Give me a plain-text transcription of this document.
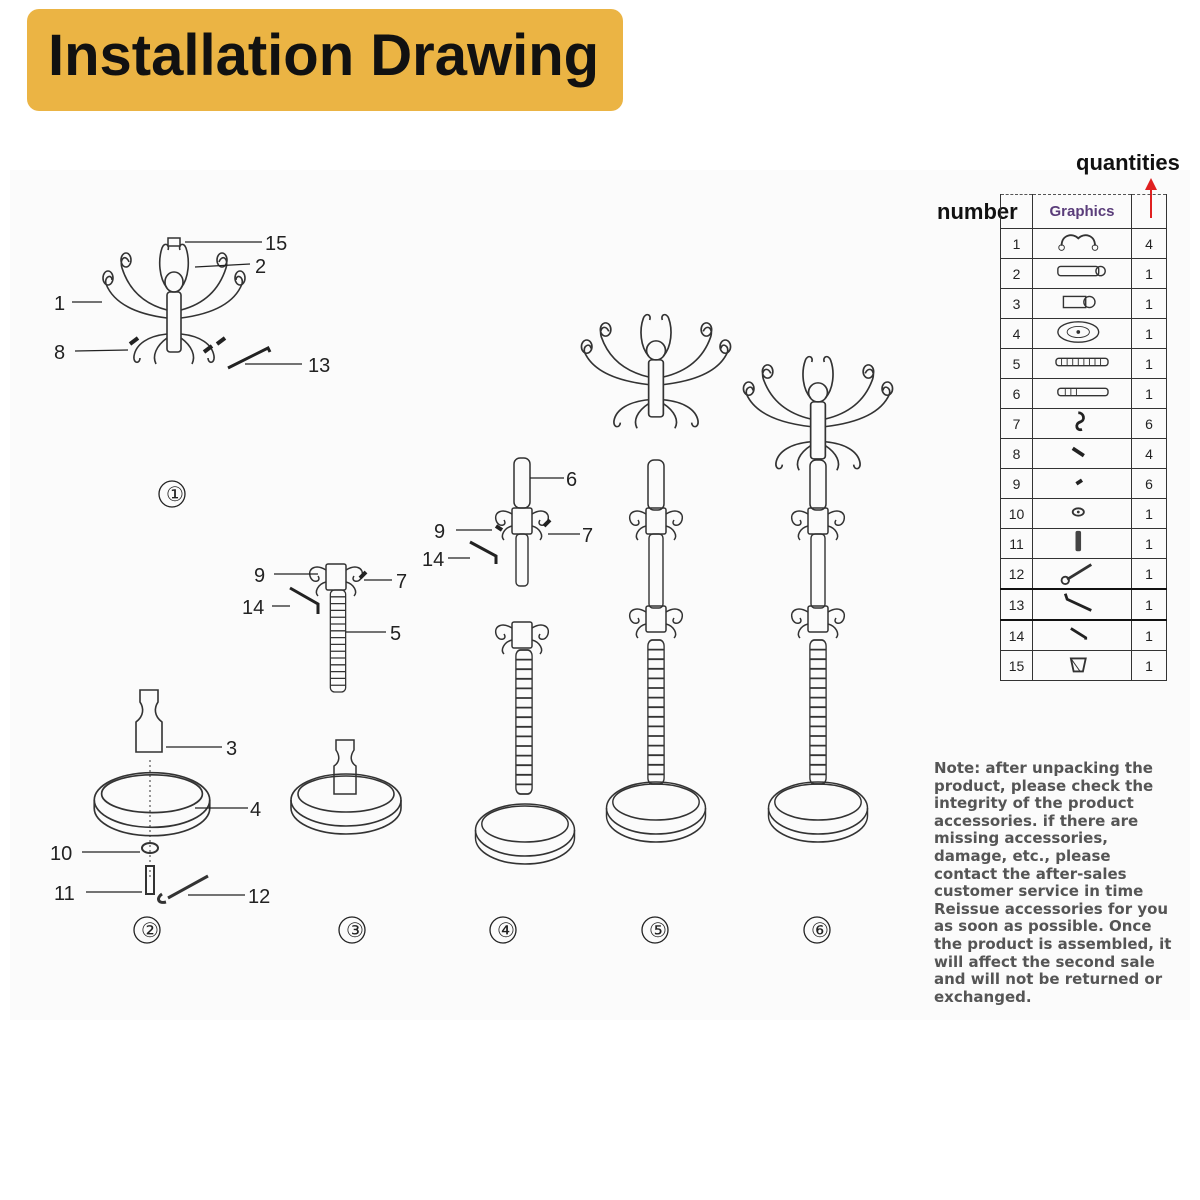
Installation Drawing
15
2
1
8
13
3
4
10
11	12
9	7
14
5
6
9	7
14
①
②	③	④	⑤	⑥
quantities
number
	Graphics	
1		4
2		1
3		1
4		1
5		1
6		1
7		6
8		4
9		6
10		1
11		1
12		1
13		1
14		1
15		1
Note: after unpacking the product, please check the integrity of the product accessories. if there are missing accessories, damage, etc., please contact the after-sales customer service in time Reissue accessories for you as soon as possible. Once the product is assembled, it will affect the second sale and will not be returned or exchanged.
